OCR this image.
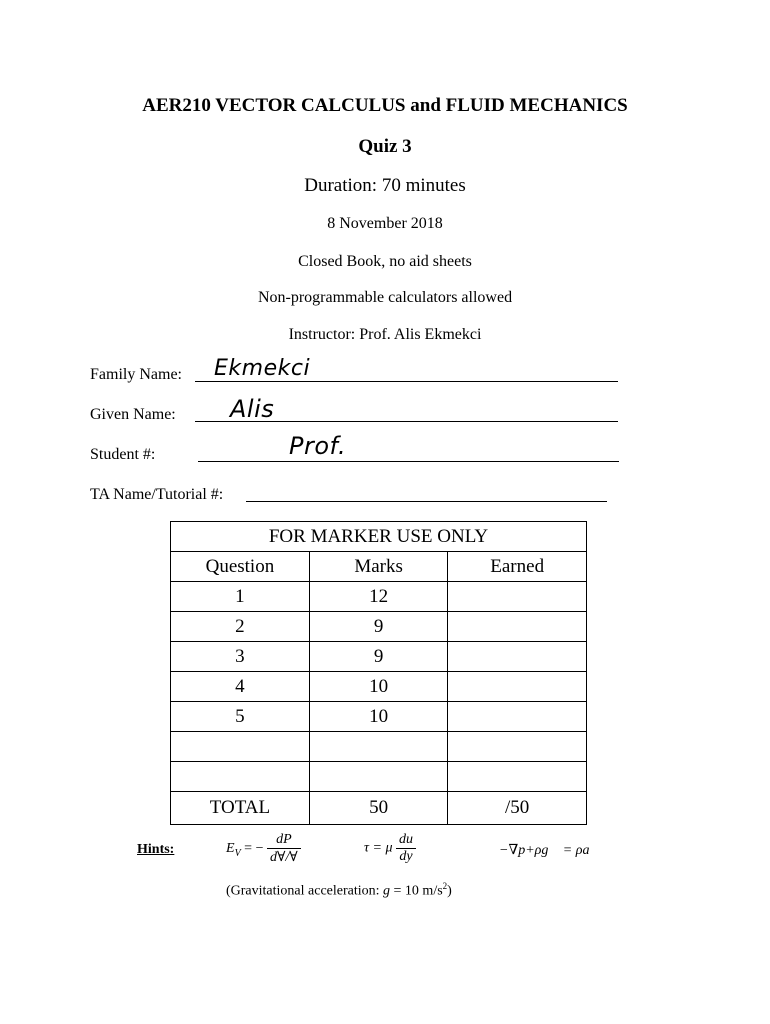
AER210 VECTOR CALCULUS and FLUID MECHANICS
Quiz 3
Duration: 70 minutes
8 November 2018
Closed Book, no aid sheets
Non-programmable calculators allowed
Instructor: Prof. Alis Ekmekci
Family Name: Ekmekci
Given Name: Alis
Student #:	Prof.
TA Name/Tutorial #:
FOR MARKER USE ONLY		
Question	Marks	Earned
1	12	
2	9	
3	9	
4	10	
5	10	

TOTAL	50	/50
Hints:	$E_V$ = − $\frac{dP}{d\forall/\forall}$	τ = μ $\frac{du}{dy}$	−∇p+ρg⃗ = ρa⃗
(Gravitational acceleration: g = 10 $m/s^2$)
